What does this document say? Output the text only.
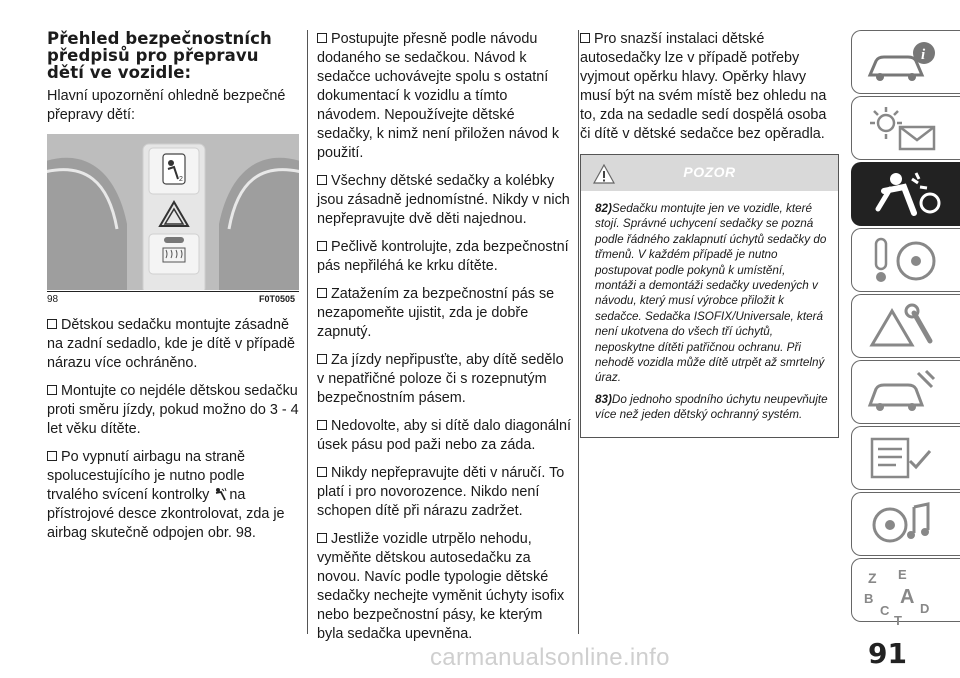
Přehled bezpečnostních předpisů pro přepravu dětí ve vozidle:

Hlavní upozornění ohledně bezpečné přepravy dětí:

2
98	F0T0505

Dětskou sedačku montujte zásadně na zadní sedadlo, kde je dítě v případě nárazu více ochráněno.

Montujte co nejdéle dětskou sedačku proti směru jízdy, pokud možno do 3 - 4 let věku dítěte.

Po vypnutí airbagu na straně spolucestujícího je nutno podle trvalého svícení kontrolky na přístrojové desce zkontrolovat, zda je airbag skutečně odpojen obr. 98.

Postupujte přesně podle návodu dodaného se sedačkou. Návod k sedačce uchovávejte spolu s ostatní dokumentací k vozidlu a tímto návodem. Nepoužívejte dětské sedačky, k nimž není přiložen návod k použití.

Všechny dětské sedačky a kolébky jsou zásadně jednomístné. Nikdy v nich nepřepravujte dvě děti najednou.

Pečlivě kontrolujte, zda bezpečnostní pás nepřiléhá ke krku dítěte.

Zatažením za bezpečnostní pás se nezapomeňte ujistit, zda je dobře zapnutý.

Za jízdy nepřipusťte, aby dítě sedělo v nepatřičné poloze či s rozepnutým bezpečnostním pásem.

Nedovolte, aby si dítě dalo diagonální úsek pásu pod paži nebo za záda.

Nikdy nepřepravujte děti v náručí. To platí i pro novorozence. Nikdo není schopen dítě při nárazu zadržet.

Jestliže vozidle utrpělo nehodu, vyměňte dětskou autosedačku za novou. Navíc podle typologie dětské sedačky nechejte vyměnit úchyty isofix nebo bezpečnostní pásy, ke kterým byla sedačka upevněna.

Pro snazší instalaci dětské autosedačky lze v případě potřeby vyjmout opěrku hlavy. Opěrky hlavy musí být na svém místě bez ohledu na to, zda na sedadle sedí dospělá osoba či dítě v dětské sedačce bez opěradla.

POZOR

82)Sedačku montujte jen ve vozidle, které stojí. Správné uchycení sedačky se pozná podle řádného zaklapnutí úchytů sedačky do třmenů. V každém případě je nutno postupovat podle pokynů k umístění, montáži a demontáži sedačky uvedených v návodu, který musí výrobce přiložit k sedačce. Sedačka ISOFIX/Universale, která není ukotvena do všech tří úchytů, neposkytne dítěti patřičnou ochranu. Při nehodě vozidla může dítě utrpět až smrtelný úraz.

83)Do jednoho spodního úchytu neupevňujte více než jeden dětský ochranný systém.

i
Z E
B A
C D
T
91
carmanualsonline.info
